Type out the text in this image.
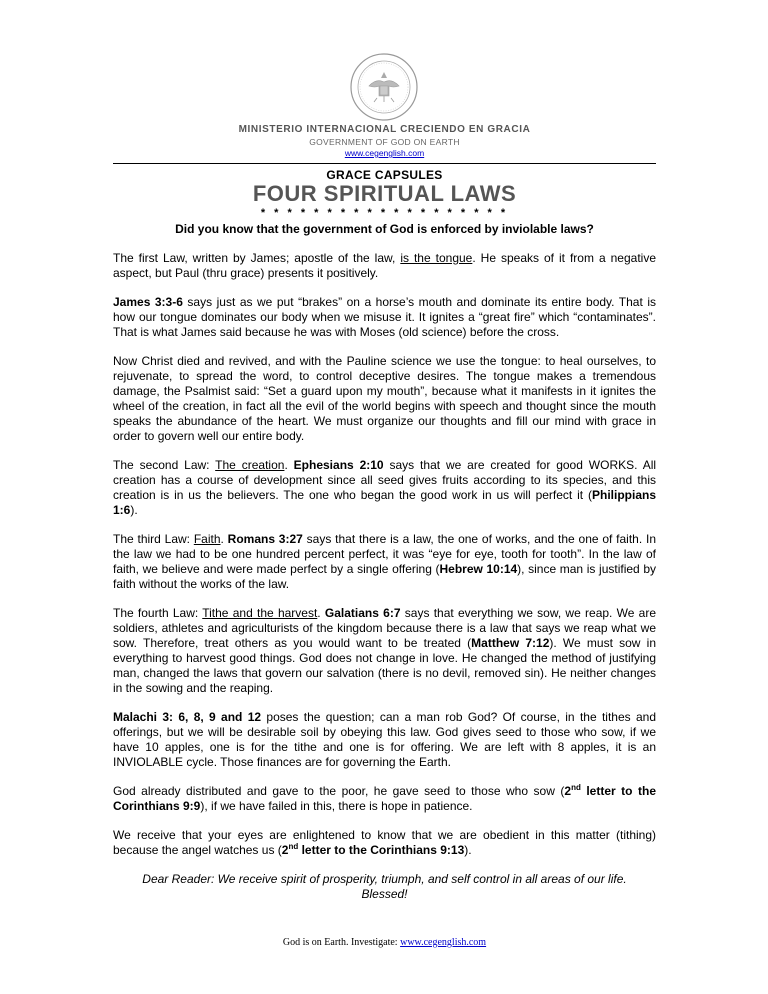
MINISTERIO INTERNACIONAL CRECIENDO EN GRACIA
GOVERNMENT OF GOD ON EARTH
www.cegenglish.com
GRACE CAPSULES
FOUR SPIRITUAL LAWS
* * * * * * * * * * * * * * * * * * *
Did you know that the government of God is enforced by inviolable laws?

The first Law, written by James; apostle of the law, is the tongue. He speaks of it from a negative aspect, but Paul (thru grace) presents it positively.

James 3:3-6 says just as we put “brakes” on a horse’s mouth and dominate its entire body. That is how our tongue dominates our body when we misuse it. It ignites a “great fire” which “contaminates”. That is what James said because he was with Moses (old science) before the cross.

Now Christ died and revived, and with the Pauline science we use the tongue: to heal ourselves, to rejuvenate, to spread the word, to control deceptive desires. The tongue makes a tremendous damage, the Psalmist said: “Set a guard upon my mouth”, because what it manifests in it ignites the wheel of the creation, in fact all the evil of the world begins with speech and thought since the mouth speaks the abundance of the heart. We must organize our thoughts and fill our mind with grace in order to govern well our entire body.

The second Law: The creation. Ephesians 2:10 says that we are created for good WORKS. All creation has a course of development since all seed gives fruits according to its species, and this creation is in us the believers. The one who began the good work in us will perfect it (Philippians 1:6).

The third Law: Faith. Romans 3:27 says that there is a law, the one of works, and the one of faith. In the law we had to be one hundred percent perfect, it was “eye for eye, tooth for tooth”. In the law of faith, we believe and were made perfect by a single offering (Hebrew 10:14), since man is justified by faith without the works of the law.

The fourth Law: Tithe and the harvest. Galatians 6:7 says that everything we sow, we reap. We are soldiers, athletes and agriculturists of the kingdom because there is a law that says we reap what we sow. Therefore, treat others as you would want to be treated (Matthew 7:12). We must sow in everything to harvest good things. God does not change in love. He changed the method of justifying man, changed the laws that govern our salvation (there is no devil, removed sin). He neither changes in the sowing and the reaping.

Malachi 3: 6, 8, 9 and 12 poses the question; can a man rob God? Of course, in the tithes and offerings, but we will be desirable soil by obeying this law. God gives seed to those who sow, if we have 10 apples, one is for the tithe and one is for offering. We are left with 8 apples, it is an INVIOLABLE cycle. Those finances are for governing the Earth.

God already distributed and gave to the poor, he gave seed to those who sow (2nd letter to the Corinthians 9:9), if we have failed in this, there is hope in patience.

We receive that your eyes are enlightened to know that we are obedient in this matter (tithing) because the angel watches us (2nd letter to the Corinthians 9:13).

Dear Reader: We receive spirit of prosperity, triumph, and self control in all areas of our life.
Blessed!
God is on Earth. Investigate: www.cegenglish.com
